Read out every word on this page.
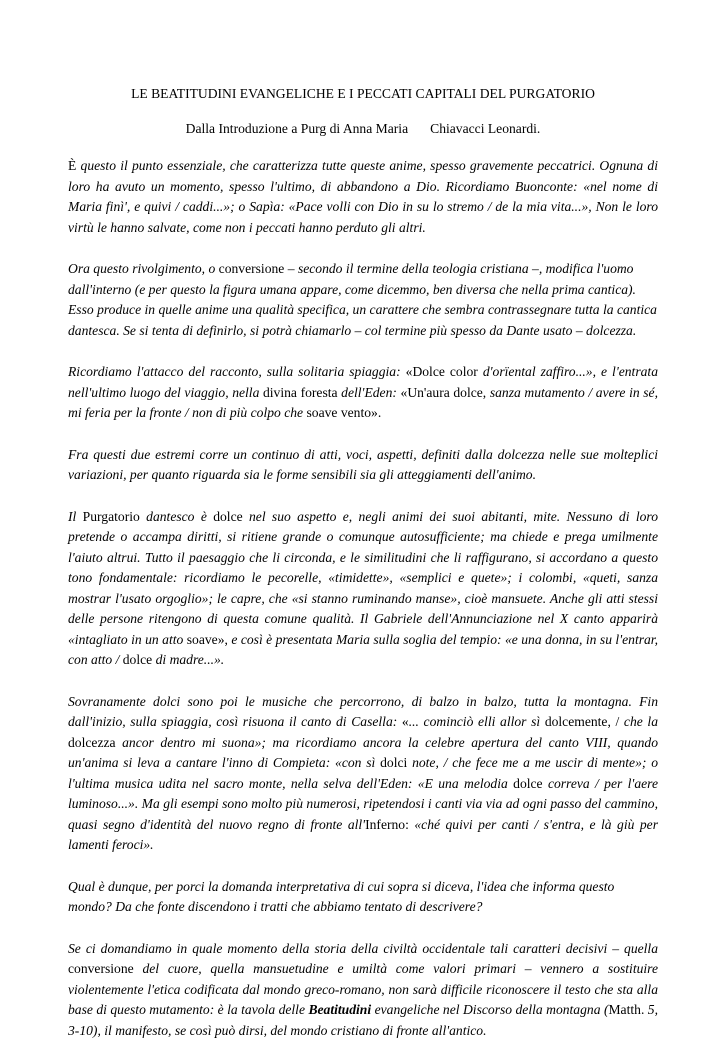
LE BEATITUDINI EVANGELICHE E I PECCATI CAPITALI DEL PURGATORIO
Dalla Introduzione a Purg di Anna Maria Chiavacci Leonardi.

È questo il punto essenziale, che caratterizza tutte queste anime, spesso gravemente peccatrici. Ognuna di loro ha avuto un momento, spesso l'ultimo, di abbandono a Dio. Ricordiamo Buonconte: «nel nome di Maria finì', e quivi / caddi...»; o Sapìa: «Pace volli con Dio in su lo stremo / de la mia vita...», Non le loro virtù le hanno salvate, come non i peccati hanno perduto gli altri.

Ora questo rivolgimento, o conversione – secondo il termine della teologia cristiana –, modifica l'uomo dall'interno (e per questo la figura umana appare, come dicemmo, ben diversa che nella prima cantica). Esso produce in quelle anime una qualità specifica, un carattere che sembra contrassegnare tutta la cantica dantesca. Se si tenta di definirlo, si potrà chiamarlo – col termine più spesso da Dante usato – dolcezza.

Ricordiamo l'attacco del racconto, sulla solitaria spiaggia: «Dolce color d'orïental zaffiro...», e l'entrata nell'ultimo luogo del viaggio, nella divina foresta dell'Eden: «Un'aura dolce, sanza mutamento / avere in sé, mi feria per la fronte / non di più colpo che soave vento».

Fra questi due estremi corre un continuo di atti, voci, aspetti, definiti dalla dolcezza nelle sue molteplici variazioni, per quanto riguarda sia le forme sensibili sia gli atteggiamenti dell'animo.

Il Purgatorio dantesco è dolce nel suo aspetto e, negli animi dei suoi abitanti, mite. Nessuno di loro pretende o accampa diritti, si ritiene grande o comunque autosufficiente; ma chiede e prega umilmente l'aiuto altrui. Tutto il paesaggio che li circonda, e le similitudini che li raffigurano, si accordano a questo tono fondamentale: ricordiamo le pecorelle, «timidette», «semplici e quete»; i colombi, «queti, sanza mostrar l'usato orgoglio»; le capre, che «si stanno ruminando manse», cioè mansuete. Anche gli atti stessi delle persone ritengono di questa comune qualità. Il Gabriele dell'Annunciazione nel X canto apparirà «intagliato in un atto soave», e così è presentata Maria sulla soglia del tempio: «e una donna, in su l'entrar, con atto / dolce di madre...».

Sovranamente dolci sono poi le musiche che percorrono, di balzo in balzo, tutta la montagna. Fin dall'inizio, sulla spiaggia, così risuona il canto di Casella: «... cominciò elli allor sì dolcemente, / che la dolcezza ancor dentro mi suona»; ma ricordiamo ancora la celebre apertura del canto VIII, quando un'anima si leva a cantare l'inno di Compieta: «con sì dolci note, / che fece me a me uscir di mente»; o l'ultima musica udita nel sacro monte, nella selva dell'Eden: «E una melodia dolce correva / per l'aere luminoso...». Ma gli esempi sono molto più numerosi, ripetendosi i canti via via ad ogni passo del cammino, quasi segno d'identità del nuovo regno di fronte all'Inferno: «ché quivi per canti / s'entra, e là giù per lamenti feroci».

Qual è dunque, per porci la domanda interpretativa di cui sopra si diceva, l'idea che informa questo mondo? Da che fonte discendono i tratti che abbiamo tentato di descrivere?

Se ci domandiamo in quale momento della storia della civiltà occidentale tali caratteri decisivi – quella conversione del cuore, quella mansuetudine e umiltà come valori primari – vennero a sostituire violentemente l'etica codificata dal mondo greco-romano, non sarà difficile riconoscere il testo che sta alla base di questo mutamento: è la tavola delle Beatitudini evangeliche nel Discorso della montagna (Matth. 5, 3-10), il manifesto, se così può dirsi, del mondo cristiano di fronte all'antico.
